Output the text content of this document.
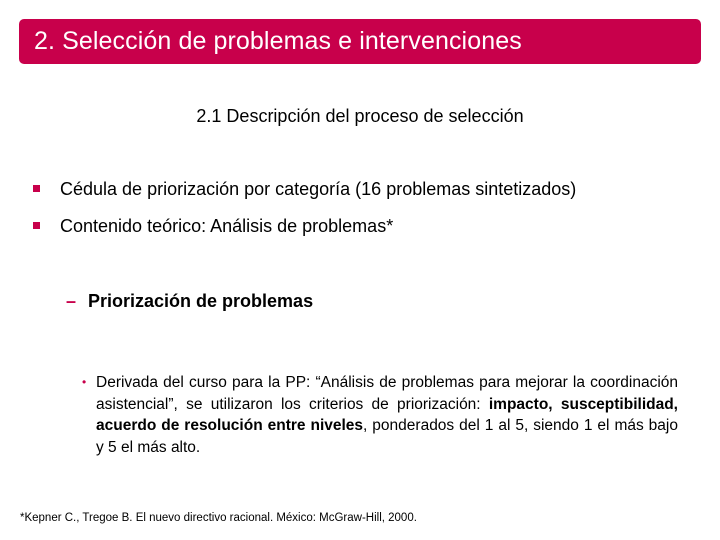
2. Selección de problemas e intervenciones
2.1 Descripción del proceso de selección
Cédula de priorización por categoría (16 problemas sintetizados)
Contenido teórico: Análisis de problemas*
– Priorización de problemas
• Derivada del curso para la PP: “Análisis de problemas para mejorar la coordinación asistencial”, se utilizaron los criterios de priorización: impacto, susceptibilidad, acuerdo de resolución entre niveles, ponderados del 1 al 5, siendo 1 el más bajo y 5 el más alto.
*Kepner C., Tregoe B. El nuevo directivo racional. México: McGraw-Hill, 2000.
